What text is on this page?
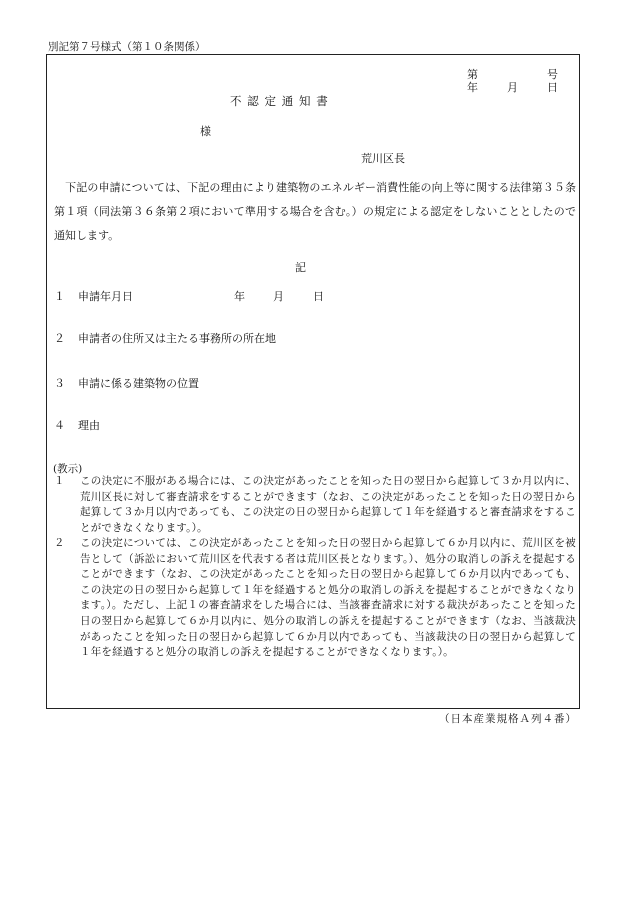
別記第７号様式（第１０条関係）
第	号
年	月	日
不認定通知書
様
荒川区長
　下記の申請については、下記の理由により建築物のエネルギー消費性能の向上等に関する法律第３５条第１項（同法第３６条第２項において準用する場合を含む。）の規定による認定をしないこととしたので通知します。
記
１ 申請年月日	年	月	日
２ 申請者の住所又は主たる事務所の所在地
３ 申請に係る建築物の位置
４ 理由
(教示)
１ この決定に不服がある場合には、この決定があったことを知った日の翌日から起算して３か月以内に、荒川区長に対して審査請求をすることができます（なお、この決定があったことを知った日の翌日から起算して３か月以内であっても、この決定の日の翌日から起算して１年を経過すると審査請求をすることができなくなります。）。
２ この決定については、この決定があったことを知った日の翌日から起算して６か月以内に、荒川区を被告として（訴訟において荒川区を代表する者は荒川区長となります。）、処分の取消しの訴えを提起することができます（なお、この決定があったことを知った日の翌日から起算して６か月以内であっても、この決定の日の翌日から起算して１年を経過すると処分の取消しの訴えを提起することができなくなります。）。ただし、上記１の審査請求をした場合には、当該審査請求に対する裁決があったことを知った日の翌日から起算して６か月以内に、処分の取消しの訴えを提起することができます（なお、当該裁決があったことを知った日の翌日から起算して６か月以内であっても、当該裁決の日の翌日から起算して１年を経過すると処分の取消しの訴えを提起することができなくなります。）。
（日本産業規格Ａ列４番）
